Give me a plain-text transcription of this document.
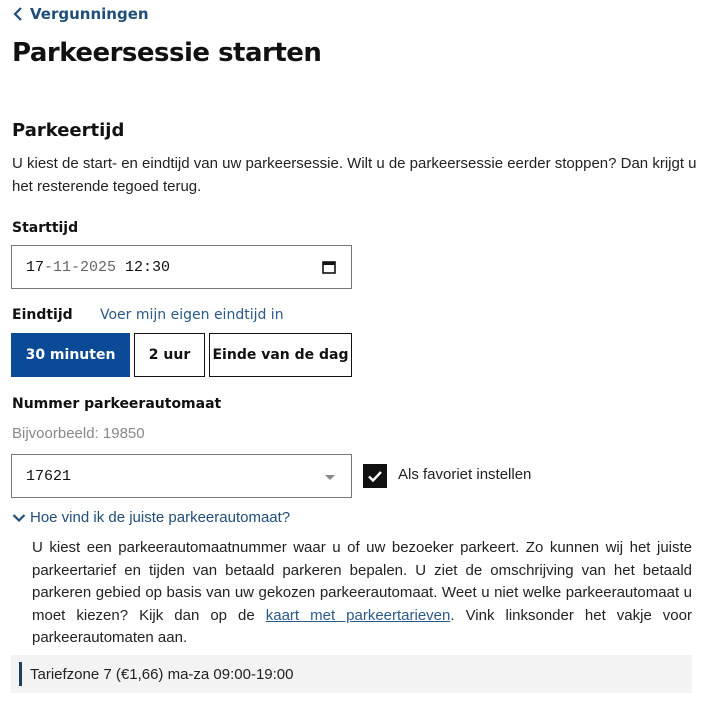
Vergunningen
Parkeersessie starten
Parkeertijd

U kiest de start- en eindtijd van uw parkeersessie. Wilt u de parkeersessie eerder stoppen? Dan krijgt u het resterende tegoed terug.

Starttijd
17 -11-2025 12:30
Eindtijd Voer mijn eigen eindtijd in
30 minuten	2 uur	Einde van de dag
Nummer parkeerautomaat
Bijvoorbeeld: 19850
17621	Als favoriet instellen
Hoe vind ik de juiste parkeerautomaat?

U kiest een parkeerautomaatnummer waar u of uw bezoeker parkeert. Zo kunnen wij het juiste parkeertarief en tijden van betaald parkeren bepalen. U ziet de omschrijving van het betaald parkeren gebied op basis van uw gekozen parkeerautomaat. Weet u niet welke parkeerautomaat u moet kiezen? Kijk dan op de kaart met parkeertarieven. Vink linksonder het vakje voor parkeerautomaten aan.

Tariefzone 7 (€1,66) ma-za 09:00-19:00
